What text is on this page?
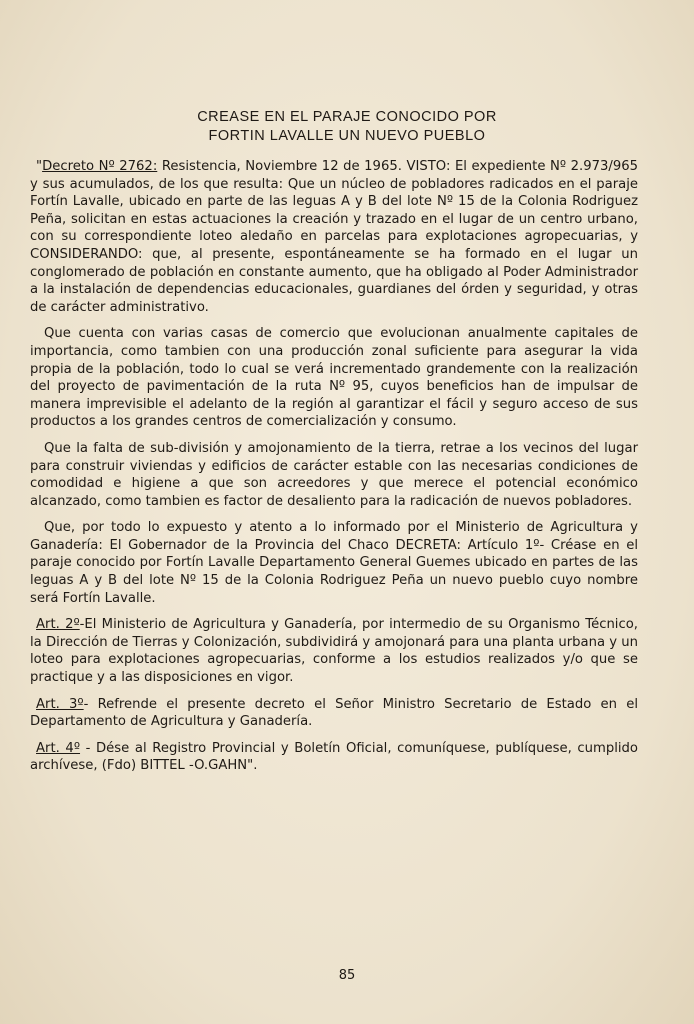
CREASE EN EL PARAJE CONOCIDO POR
FORTIN LAVALLE UN NUEVO PUEBLO

"Decreto Nº 2762: Resistencia, Noviembre 12 de 1965. VISTO: El expediente Nº 2.973/965 y sus acumulados, de los que resulta: Que un núcleo de pobladores radicados en el paraje Fortín Lavalle, ubicado en parte de las leguas A y B del lote Nº 15 de la Colonia Rodriguez Peña, solicitan en estas actuaciones la creación y trazado en el lugar de un centro urbano, con su correspondiente loteo aledaño en parcelas para explotaciones agropecuarias, y CONSIDERANDO: que, al presente, espontáneamente se ha formado en el lugar un conglomerado de población en constante aumento, que ha obligado al Poder Administrador a la instalación de dependencias educacionales, guardianes del órden y seguridad, y otras de carácter administrativo.

Que cuenta con varias casas de comercio que evolucionan anualmente capitales de importancia, como tambien con una producción zonal suficiente para asegurar la vida propia de la población, todo lo cual se verá incrementado grandemente con la realización del proyecto de pavimentación de la ruta Nº 95, cuyos beneficios han de impulsar de manera imprevisible el adelanto de la región al garantizar el fácil y seguro acceso de sus productos a los grandes centros de comercialización y consumo.

Que la falta de sub-división y amojonamiento de la tierra, retrae a los vecinos del lugar para construir viviendas y edificios de carácter estable con las necesarias condiciones de comodidad e higiene a que son acreedores y que merece el potencial económico alcanzado, como tambien es factor de desaliento para la radicación de nuevos pobladores.

Que, por todo lo expuesto y atento a lo informado por el Ministerio de Agricultura y Ganadería: El Gobernador de la Provincia del Chaco DECRETA: Artículo 1º- Créase en el paraje conocido por Fortín Lavalle Departamento General Guemes ubicado en partes de las leguas A y B del lote Nº 15 de la Colonia Rodriguez Peña un nuevo pueblo cuyo nombre será Fortín Lavalle.

Art. 2º-El Ministerio de Agricultura y Ganadería, por intermedio de su Organismo Técnico, la Dirección de Tierras y Colonización, subdividirá y amojonará para una planta urbana y un loteo para explotaciones agropecuarias, conforme a los estudios realizados y/o que se practique y a las disposiciones en vigor.

Art. 3º- Refrende el presente decreto el Señor Ministro Secretario de Estado en el Departamento de Agricultura y Ganadería.

Art. 4º - Dése al Registro Provincial y Boletín Oficial, comuníquese, publíquese, cumplido archívese, (Fdo) BITTEL -O.GAHN".

85
